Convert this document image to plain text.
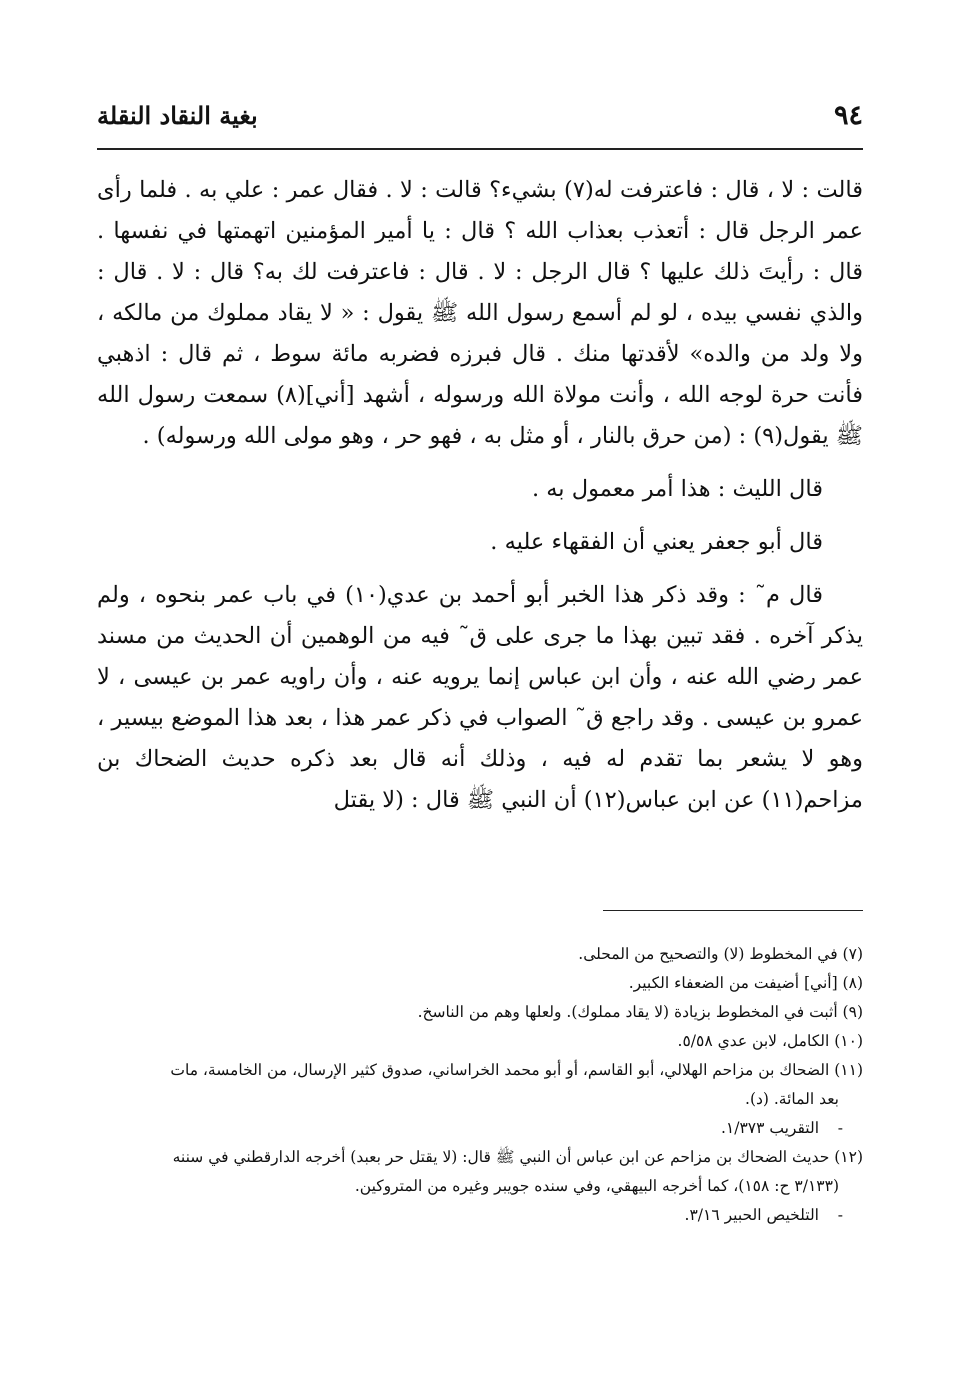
٩٤
بغية النقاد النقلة

قالت : لا ، قال : فاعترفت له(٧) بشيء؟ قالت : لا . فقال عمر : علي به . فلما رأى عمر الرجل قال : أتعذب بعذاب الله ؟ قال : يا أمير المؤمنين اتهمتها في نفسها . قال : رأيتَ ذلك عليها ؟ قال الرجل : لا . قال : فاعترفت لك به؟ قال : لا . قال : والذي نفسي بيده ، لو لم أسمع رسول الله ﷺ يقول : « لا يقاد مملوك من مالكه ، ولا ولد من والده» لأقدتها منك . قال فبرزه فضربه مائة سوط ، ثم قال : اذهبي فأنت حرة لوجه الله ، وأنت مولاة الله ورسوله ، أشهد [أني](٨) سمعت رسول الله ﷺ يقول(٩) : (من حرق بالنار ، أو مثل به ، فهو حر ، وهو مولى الله ورسوله) .

قال الليث : هذا أمر معمول به .

قال أبو جعفر يعني أن الفقهاء عليه .

قال م˜ : وقد ذكر هذا الخبر أبو أحمد بن عدي(١٠) في باب عمر بنحوه ، ولم يذكر آخره . فقد تبين بهذا ما جرى على ق˜ فيه من الوهمين أن الحديث من مسند عمر رضي الله عنه ، وأن ابن عباس إنما يرويه عنه ، وأن راويه عمر بن عيسى ، لا عمرو بن عيسى . وقد راجع ق˜ الصواب في ذكر عمر هذا ، بعد هذا الموضع بيسير ، وهو لا يشعر بما تقدم له فيه ، وذلك أنه قال بعد ذكره حديث الضحاك بن مزاحم(١١) عن ابن عباس(١٢) أن النبي ﷺ قال : (لا يقتل

(٧) في المخطوط (لا) والتصحيح من المحلى.

(٨) [أني] أضيفت من الضعفاء الكبير.

(٩) أثبت في المخطوط بزيادة (لا يقاد مملوك). ولعلها وهم من الناسخ.

(١٠) الكامل، لابن عدي ٥/٥٨.

(١١) الضحاك بن مزاحم الهلالي، أبو القاسم، أو أبو محمد الخراساني، صدوق كثير الإرسال، من الخامسة، مات

بعد المائة. (د).

-التقريب ١/٣٧٣.

(١٢) حديث الضحاك بن مزاحم عن ابن عباس أن النبي ﷺ قال: (لا يقتل حر بعبد) أخرجه الدارقطني في سننه

(٣/١٣٣ ح: ١٥٨)، كما أخرجه البيهقي، وفي سنده جويبر وغيره من المتروكين.

-التلخيص الحبير ٣/١٦.
